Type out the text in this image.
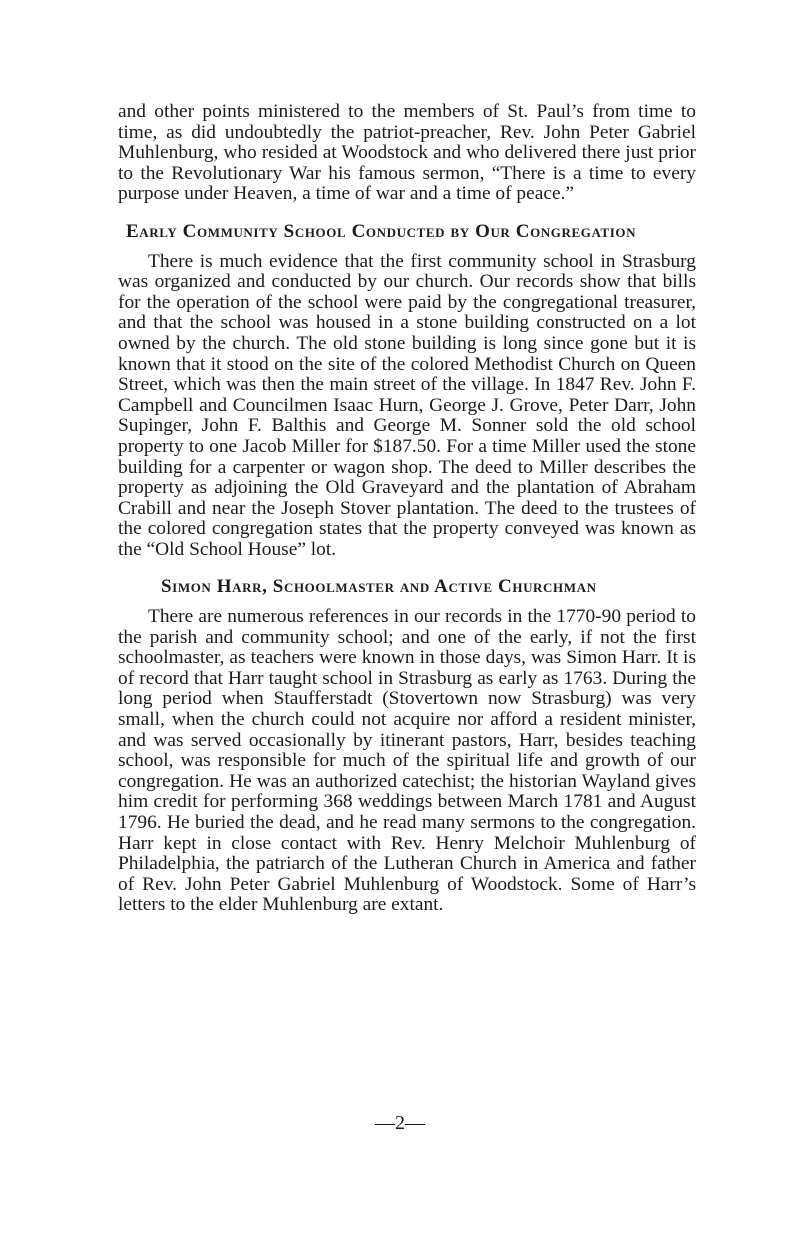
and other points ministered to the members of St. Paul’s from time to time, as did undoubtedly the patriot-preacher, Rev. John Peter Gabriel Muhlenburg, who resided at Woodstock and who delivered there just prior to the Revolutionary War his famous sermon, “There is a time to every purpose under Heaven, a time of war and a time of peace.”

Early Community School Conducted by Our Congregation

There is much evidence that the first community school in Strasburg was organized and conducted by our church. Our records show that bills for the operation of the school were paid by the congregational treasurer, and that the school was housed in a stone building constructed on a lot owned by the church. The old stone building is long since gone but it is known that it stood on the site of the colored Methodist Church on Queen Street, which was then the main street of the village. In 1847 Rev. John F. Campbell and Councilmen Isaac Hurn, George J. Grove, Peter Darr, John Supinger, John F. Balthis and George M. Sonner sold the old school property to one Jacob Miller for $187.50. For a time Miller used the stone building for a carpenter or wagon shop. The deed to Miller describes the property as adjoining the Old Graveyard and the plantation of Abraham Crabill and near the Joseph Stover plantation. The deed to the trustees of the colored congregation states that the property conveyed was known as the “Old School House” lot.

Simon Harr, Schoolmaster and Active Churchman

There are numerous references in our records in the 1770-90 period to the parish and community school; and one of the early, if not the first schoolmaster, as teachers were known in those days, was Simon Harr. It is of record that Harr taught school in Strasburg as early as 1763. During the long period when Staufferstadt (Stovertown now Strasburg) was very small, when the church could not acquire nor afford a resident minister, and was served occasionally by itinerant pastors, Harr, besides teaching school, was responsible for much of the spiritual life and growth of our congregation. He was an authorized catechist; the historian Wayland gives him credit for performing 368 weddings between March 1781 and August 1796. He buried the dead, and he read many sermons to the congregation. Harr kept in close contact with Rev. Henry Melchoir Muhlenburg of Philadelphia, the patriarch of the Lutheran Church in America and father of Rev. John Peter Gabriel Muhlenburg of Woodstock. Some of Harr’s letters to the elder Muhlenburg are extant.

—2—
